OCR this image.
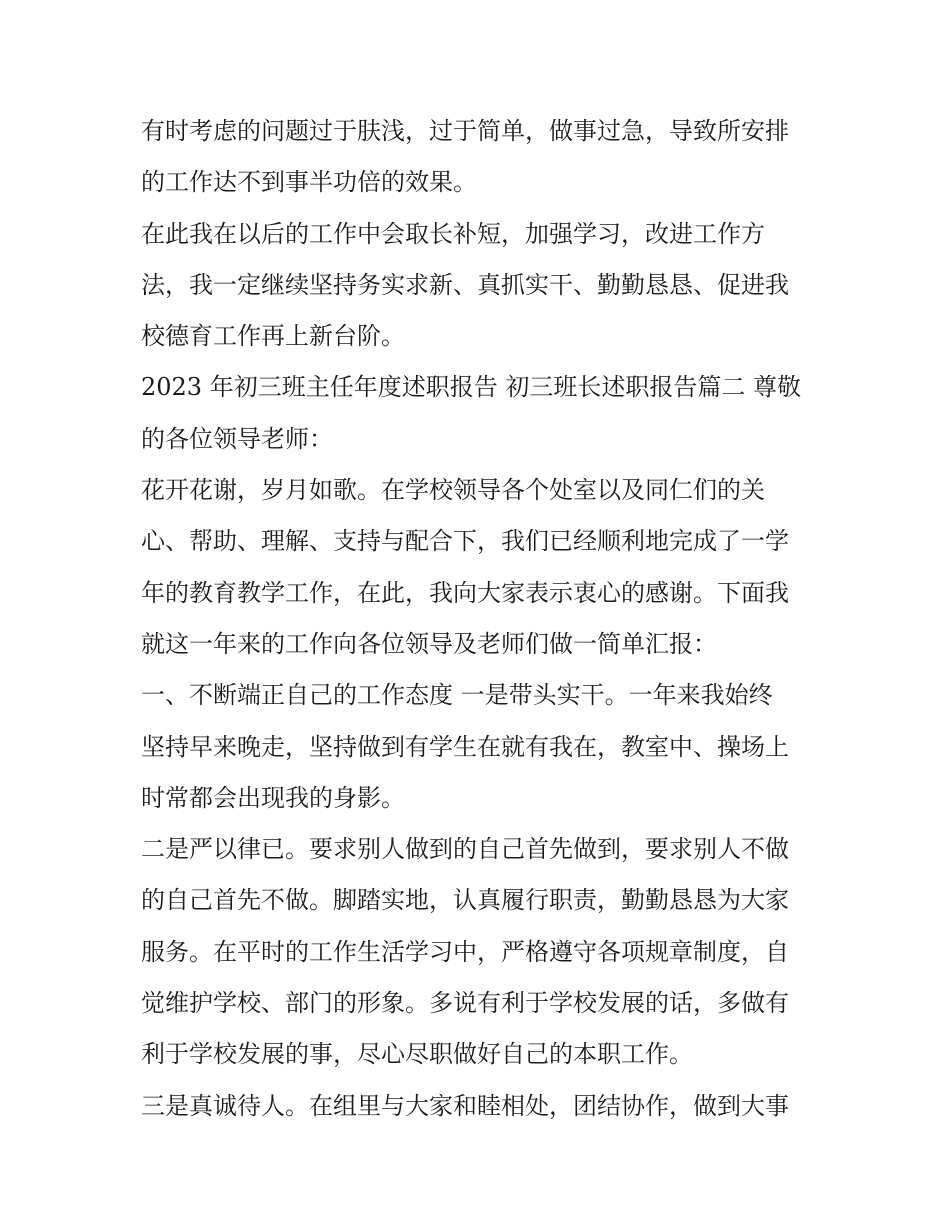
有时考虑的问题过于肤浅，过于简单，做事过急，导致所安排
的工作达不到事半功倍的效果。
在此我在以后的工作中会取长补短，加强学习，改进工作方
法，我一定继续坚持务实求新、真抓实干、勤勤恳恳、促进我
校德育工作再上新台阶。
2023 年初三班主任年度述职报告 初三班长述职报告篇二 尊敬
的各位领导老师：
花开花谢，岁月如歌。在学校领导各个处室以及同仁们的关
心、帮助、理解、支持与配合下，我们已经顺利地完成了一学
年的教育教学工作，在此，我向大家表示衷心的感谢。下面我
就这一年来的工作向各位领导及老师们做一简单汇报：
一、不断端正自己的工作态度 一是带头实干。一年来我始终
坚持早来晚走，坚持做到有学生在就有我在，教室中、操场上
时常都会出现我的身影。
二是严以律已。要求别人做到的自己首先做到，要求别人不做
的自己首先不做。脚踏实地，认真履行职责，勤勤恳恳为大家
服务。在平时的工作生活学习中，严格遵守各项规章制度，自
觉维护学校、部门的形象。多说有利于学校发展的话，多做有
利于学校发展的事，尽心尽职做好自己的本职工作。
三是真诚待人。在组里与大家和睦相处，团结协作，做到大事
